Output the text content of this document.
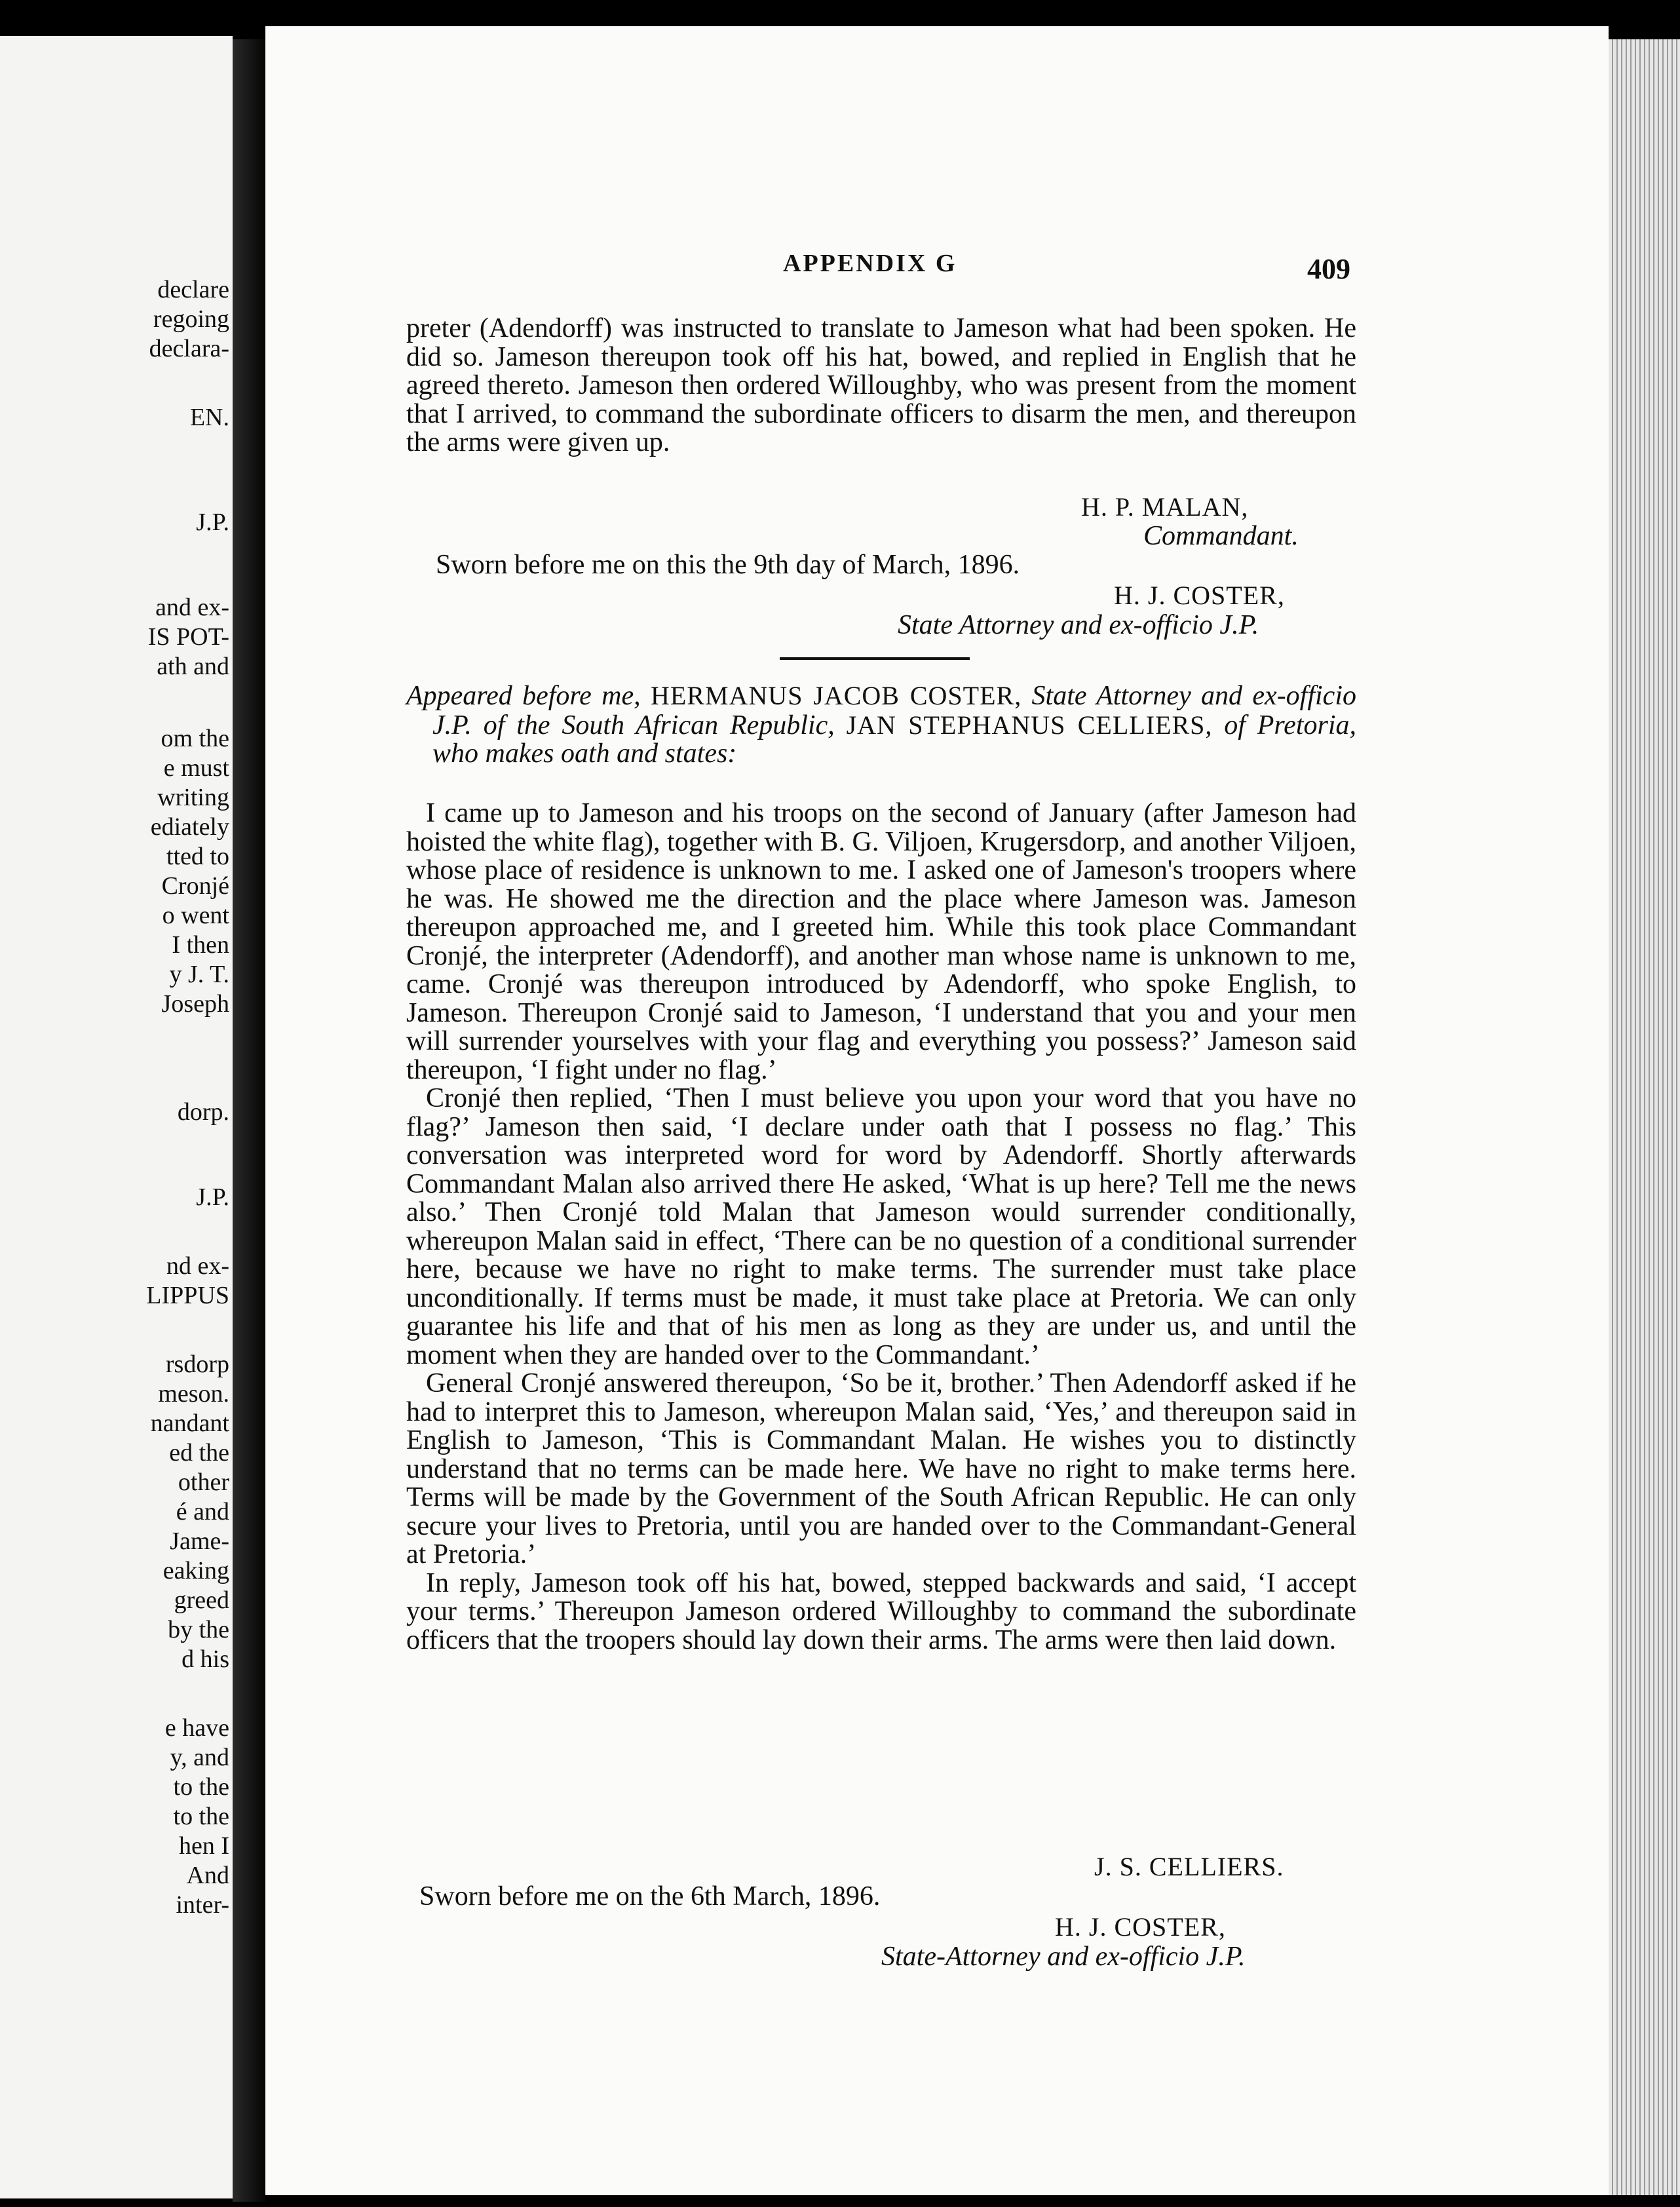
declare
regoing
declara-
EN.
J.P.
and ex-
IS POT-
ath and
om the
e must
writing
ediately
tted to
Cronjé
o went
I then
y J. T.
Joseph
dorp.
J.P.
nd ex-
LIPPUS
rsdorp
meson.
nandant
ed the
other
é and
Jame-
eaking
greed
by the
d his
e have
y, and
to the
to the
hen I
And
inter-
APPENDIX G	409

preter (Adendorff) was instructed to translate to Jameson what had been spoken. He did so. Jameson thereupon took off his hat, bowed, and replied in English that he agreed thereto. Jameson then ordered Willoughby, who was present from the moment that I arrived, to command the subordinate officers to disarm the men, and thereupon the arms were given up.

H. P. MALAN,
Commandant.
Sworn before me on this the 9th day of March, 1896.
H. J. COSTER,
State Attorney and ex-officio J.P.

Appeared before me, HERMANUS JACOB COSTER, State Attorney and ex-officio J.P. of the South African Republic, JAN STEPHANUS CELLIERS, of Pretoria, who makes oath and states:

I came up to Jameson and his troops on the second of January (after Jameson had hoisted the white flag), together with B. G. Viljoen, Krugersdorp, and another Viljoen, whose place of residence is unknown to me. I asked one of Jameson's troopers where he was. He showed me the direction and the place where Jameson was. Jameson thereupon approached me, and I greeted him. While this took place Commandant Cronjé, the interpreter (Adendorff), and another man whose name is unknown to me, came. Cronjé was thereupon introduced by Adendorff, who spoke English, to Jameson. Thereupon Cronjé said to Jameson, ‘I understand that you and your men will surrender yourselves with your flag and everything you possess?’ Jameson said thereupon, ‘I fight under no flag.’

Cronjé then replied, ‘Then I must believe you upon your word that you have no flag?’ Jameson then said, ‘I declare under oath that I possess no flag.’ This conversation was interpreted word for word by Adendorff. Shortly afterwards Commandant Malan also arrived there He asked, ‘What is up here? Tell me the news also.’ Then Cronjé told Malan that Jameson would surrender conditionally, whereupon Malan said in effect, ‘There can be no question of a conditional surrender here, because we have no right to make terms. The surrender must take place unconditionally. If terms must be made, it must take place at Pretoria. We can only guarantee his life and that of his men as long as they are under us, and until the moment when they are handed over to the Commandant.’

General Cronjé answered thereupon, ‘So be it, brother.’ Then Adendorff asked if he had to interpret this to Jameson, whereupon Malan said, ‘Yes,’ and thereupon said in English to Jameson, ‘This is Commandant Malan. He wishes you to distinctly understand that no terms can be made here. We have no right to make terms here. Terms will be made by the Government of the South African Republic. He can only secure your lives to Pretoria, until you are handed over to the Commandant-General at Pretoria.’

In reply, Jameson took off his hat, bowed, stepped backwards and said, ‘I accept your terms.’ Thereupon Jameson ordered Willoughby to command the subordinate officers that the troopers should lay down their arms. The arms were then laid down.

J. S. CELLIERS.
Sworn before me on the 6th March, 1896.
H. J. COSTER,
State-Attorney and ex-officio J.P.
